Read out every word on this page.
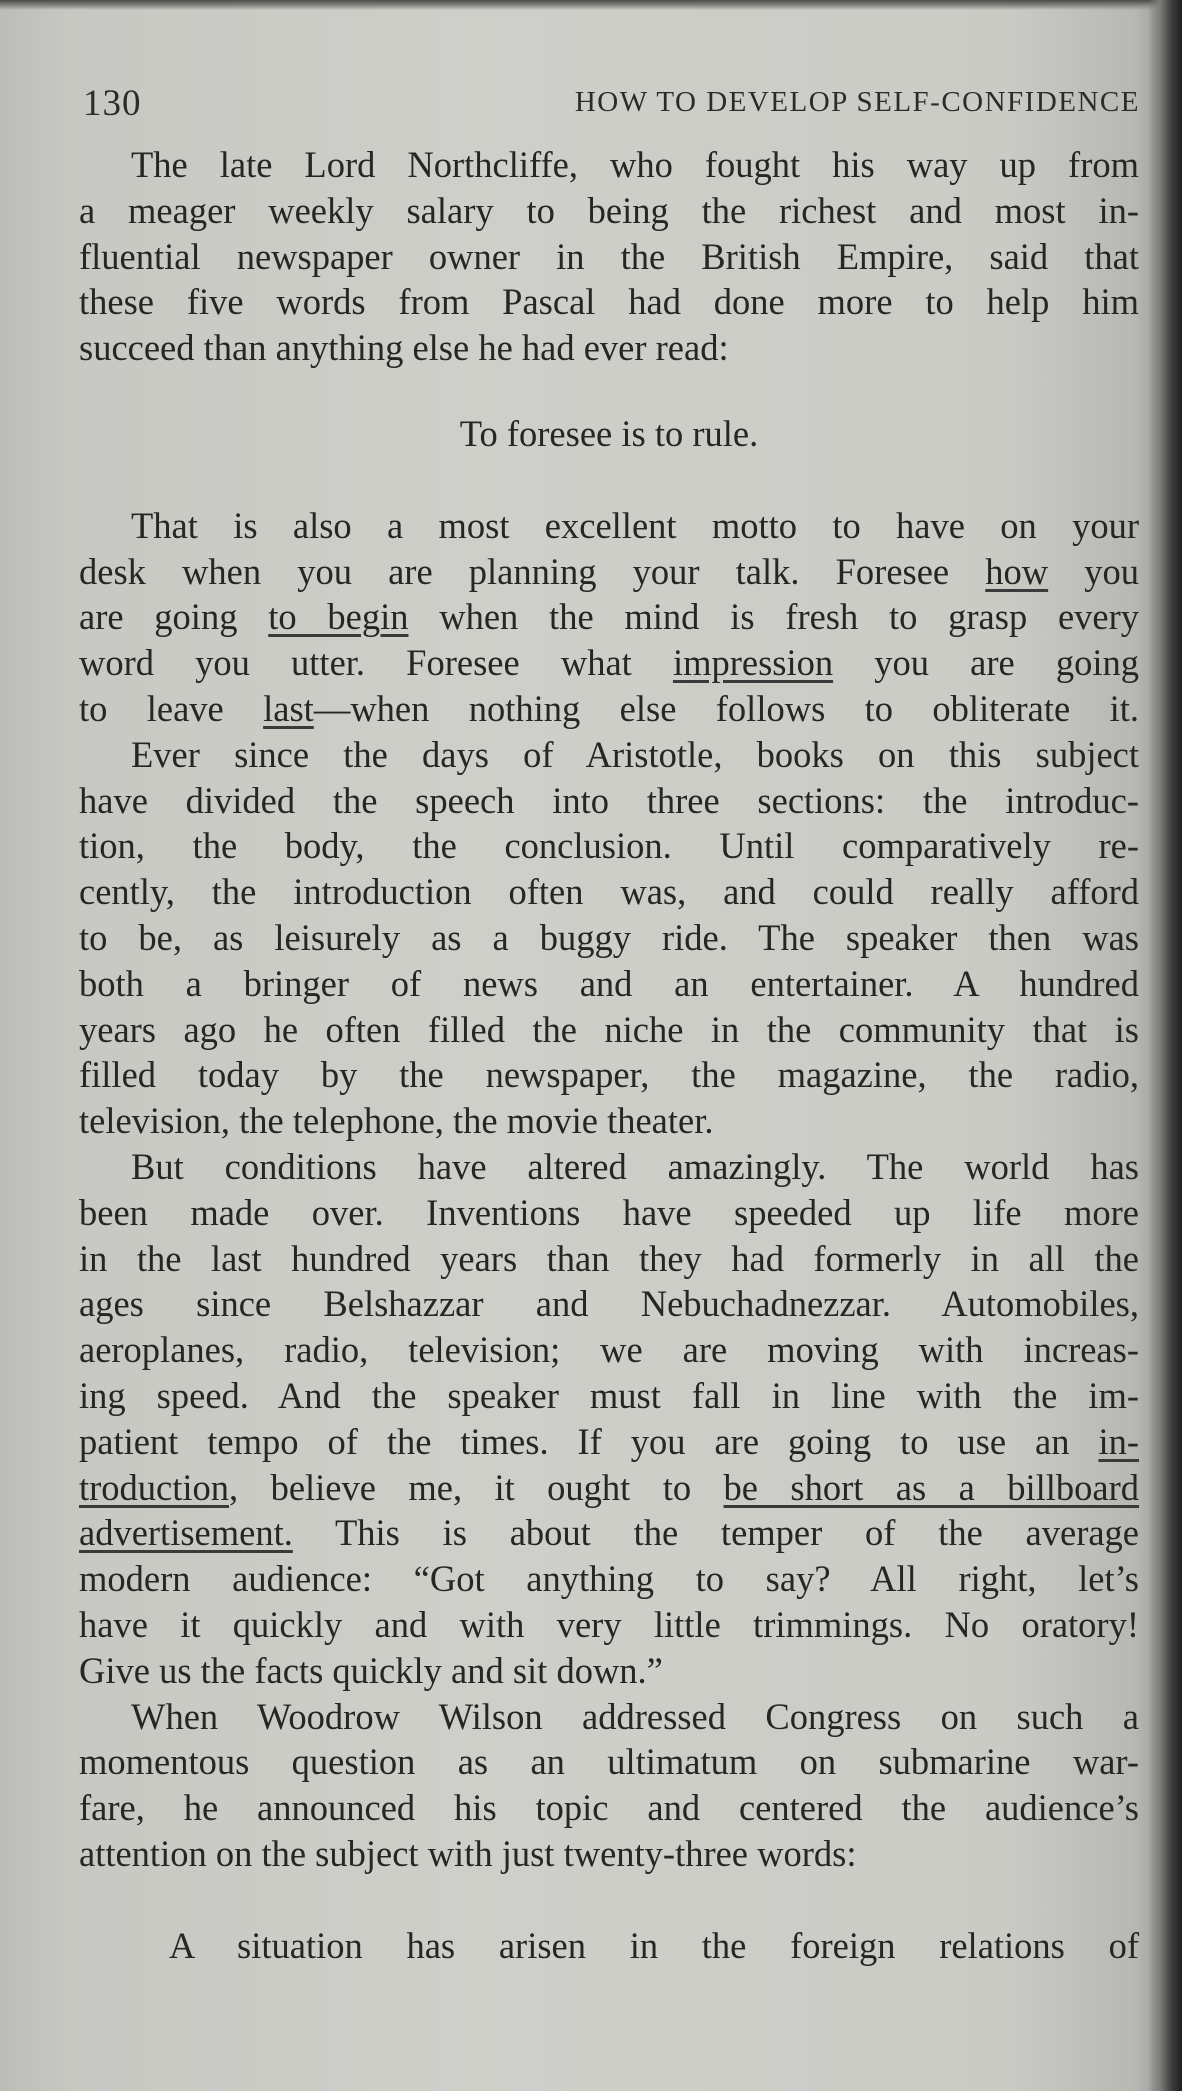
130	HOW TO DEVELOP SELF-CONFIDENCE
The late Lord Northcliffe, who fought his way up from
a meager weekly salary to being the richest and most in-
fluential newspaper owner in the British Empire, said that
these five words from Pascal had done more to help him
succeed than anything else he had ever read:
To foresee is to rule.
That is also a most excellent motto to have on your
desk when you are planning your talk. Foresee how you
are going to begin when the mind is fresh to grasp every
word you utter. Foresee what impression you are going
to leave last—when nothing else follows to obliterate it.
Ever since the days of Aristotle, books on this subject
have divided the speech into three sections: the introduc-
tion, the body, the conclusion. Until comparatively re-
cently, the introduction often was, and could really afford
to be, as leisurely as a buggy ride. The speaker then was
both a bringer of news and an entertainer. A hundred
years ago he often filled the niche in the community that is
filled today by the newspaper, the magazine, the radio,
television, the telephone, the movie theater.
But conditions have altered amazingly. The world has
been made over. Inventions have speeded up life more
in the last hundred years than they had formerly in all the
ages since Belshazzar and Nebuchadnezzar. Automobiles,
aeroplanes, radio, television; we are moving with increas-
ing speed. And the speaker must fall in line with the im-
patient tempo of the times. If you are going to use an in-
troduction, believe me, it ought to be short as a billboard
advertisement. This is about the temper of the average
modern audience: “Got anything to say? All right, let’s
have it quickly and with very little trimmings. No oratory!
Give us the facts quickly and sit down.”
When Woodrow Wilson addressed Congress on such a
momentous question as an ultimatum on submarine war-
fare, he announced his topic and centered the audience’s
attention on the subject with just twenty-three words:
A situation has arisen in the foreign relations of
